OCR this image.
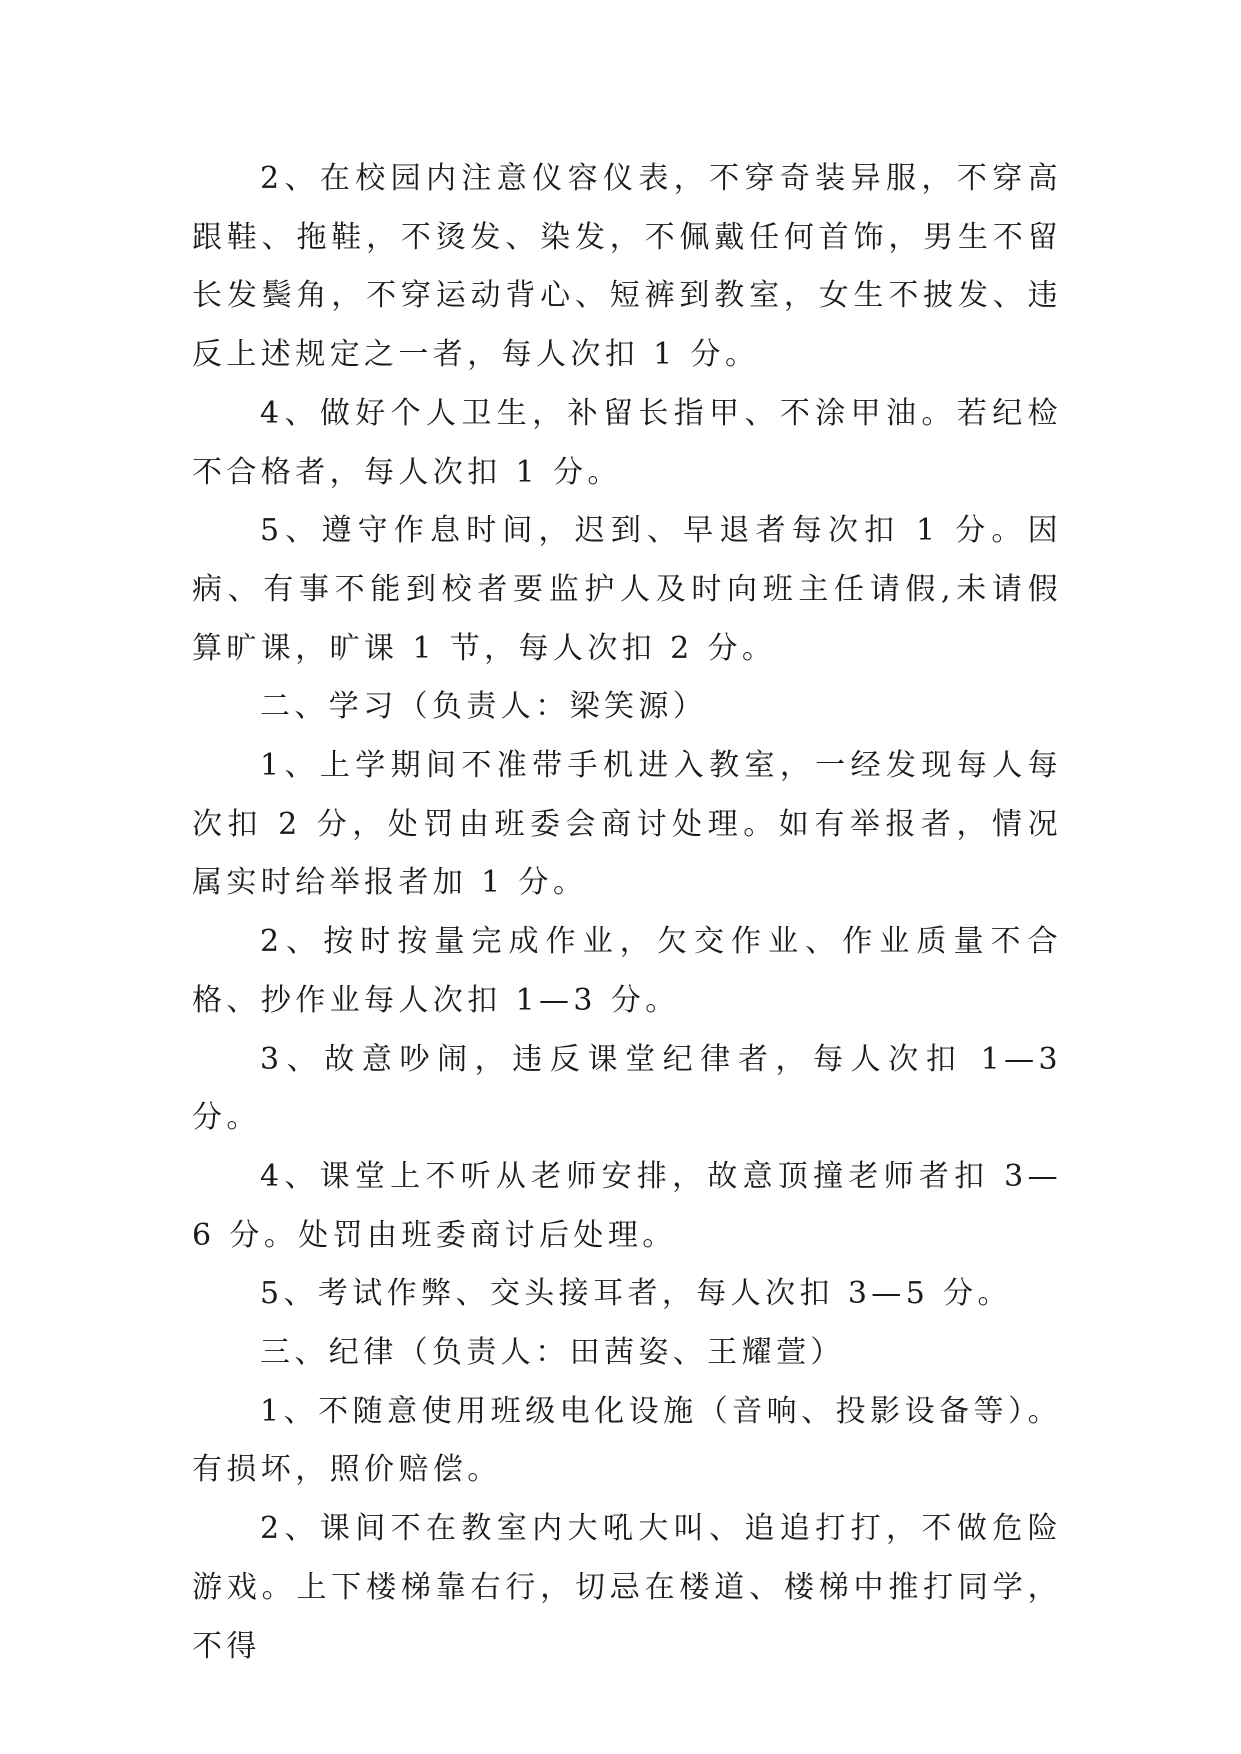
2、在校园内注意仪容仪表，不穿奇装异服，不穿高跟鞋、拖鞋，不烫发、染发，不佩戴任何首饰，男生不留长发鬓角，不穿运动背心、短裤到教室，女生不披发、违反上述规定之一者，每人次扣 1 分。

4、做好个人卫生，补留长指甲、不涂甲油。若纪检不合格者，每人次扣 1 分。

5、遵守作息时间，迟到、早退者每次扣 1 分。因病、有事不能到校者要监护人及时向班主任请假,未请假算旷课，旷课 1 节，每人次扣 2 分。

二、学习（负责人：梁笑源）

1、上学期间不准带手机进入教室，一经发现每人每次扣 2 分，处罚由班委会商讨处理。如有举报者，情况属实时给举报者加 1 分。

2、按时按量完成作业，欠交作业、作业质量不合格、抄作业每人次扣 1—3 分。

3、故意吵闹，违反课堂纪律者，每人次扣 1—3 分。

4、课堂上不听从老师安排，故意顶撞老师者扣 3—6 分。处罚由班委商讨后处理。

5、考试作弊、交头接耳者，每人次扣 3—5 分。

三、纪律（负责人：田茜姿、王耀萱）

1、不随意使用班级电化设施（音响、投影设备等）。有损坏，照价赔偿。

2、课间不在教室内大吼大叫、追追打打，不做危险游戏。上下楼梯靠右行，切忌在楼道、楼梯中推打同学，不得
